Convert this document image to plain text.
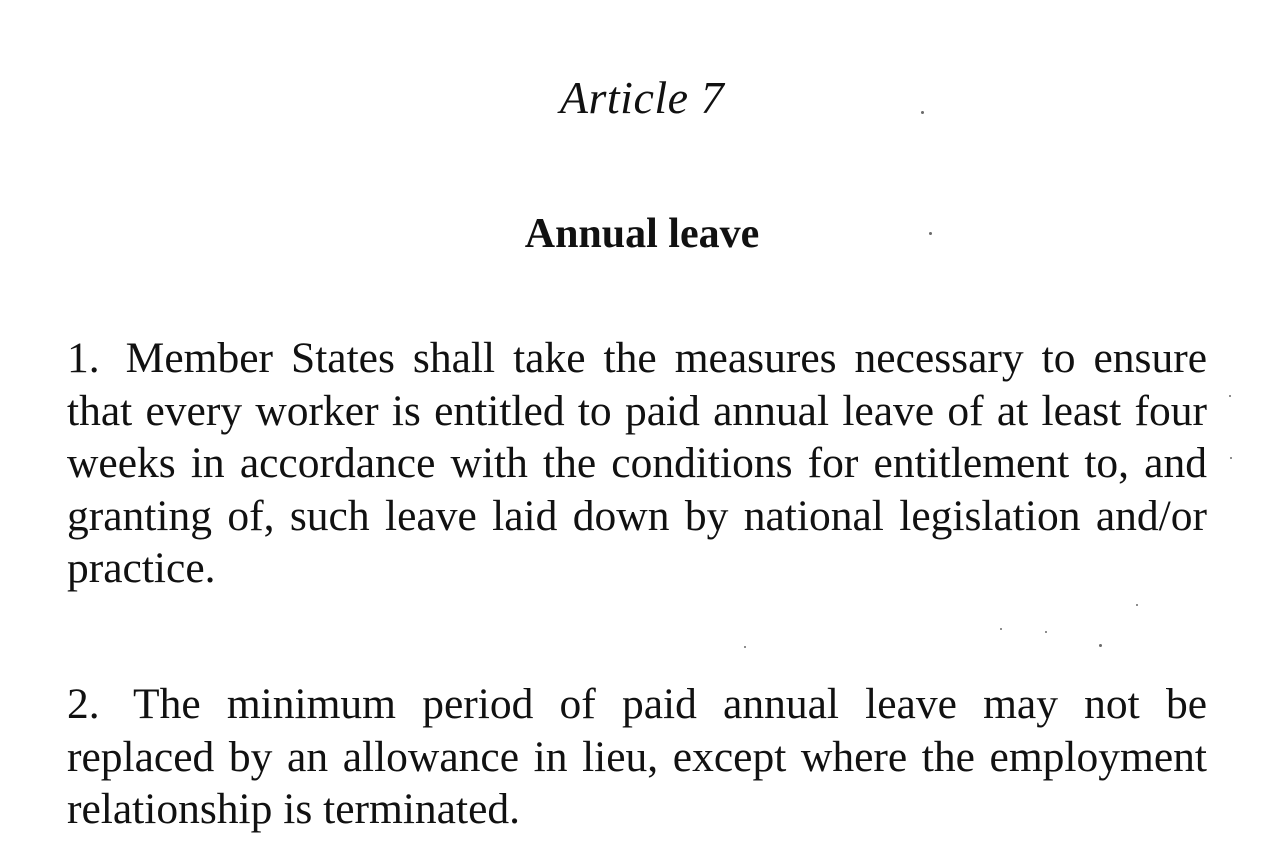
Article 7
Annual leave
1. Member States shall take the measures necessary to ensure that every worker is entitled to paid annual leave of at least four weeks in accordance with the conditions for entitlement to, and granting of, such leave laid down by national legislation and/or practice.
2. The minimum period of paid annual leave may not be replaced by an allowance in lieu, except where the employment relationship is terminated.
